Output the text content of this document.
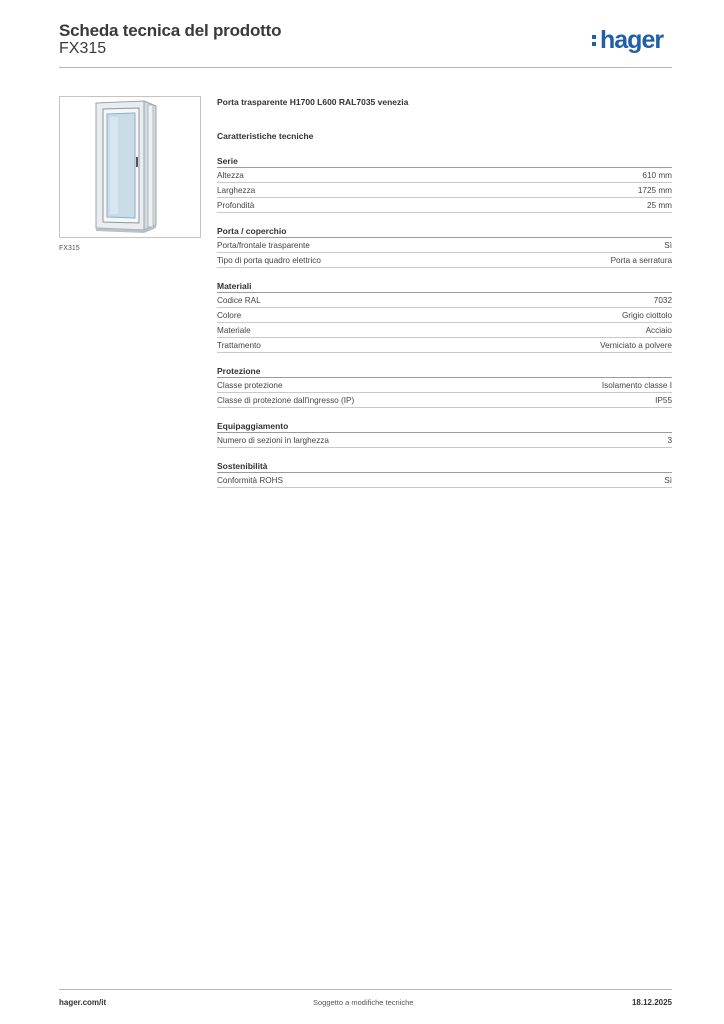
Scheda tecnica del prodotto
FX315	hager
FX315
Porta trasparente H1700 L600 RAL7035 venezia
Caratteristiche tecniche
Serie
Altezza	610 mm
Larghezza	1725 mm
Profondità	25 mm
Porta / coperchio
Porta/frontale trasparente	Sì
Tipo di porta quadro elettrico	Porta a serratura
Materiali
Codice RAL	7032
Colore	Grigio ciottolo
Materiale	Acciaio
Trattamento	Verniciato a polvere
Protezione
Classe protezione	Isolamento classe I
Classe di protezione dall'ingresso (IP)	IP55
Equipaggiamento
Numero di sezioni in larghezza	3
Sostenibilità
Conformità ROHS	Sì
hager.com/it	Soggetto a modifiche tecniche	18.12.2025
